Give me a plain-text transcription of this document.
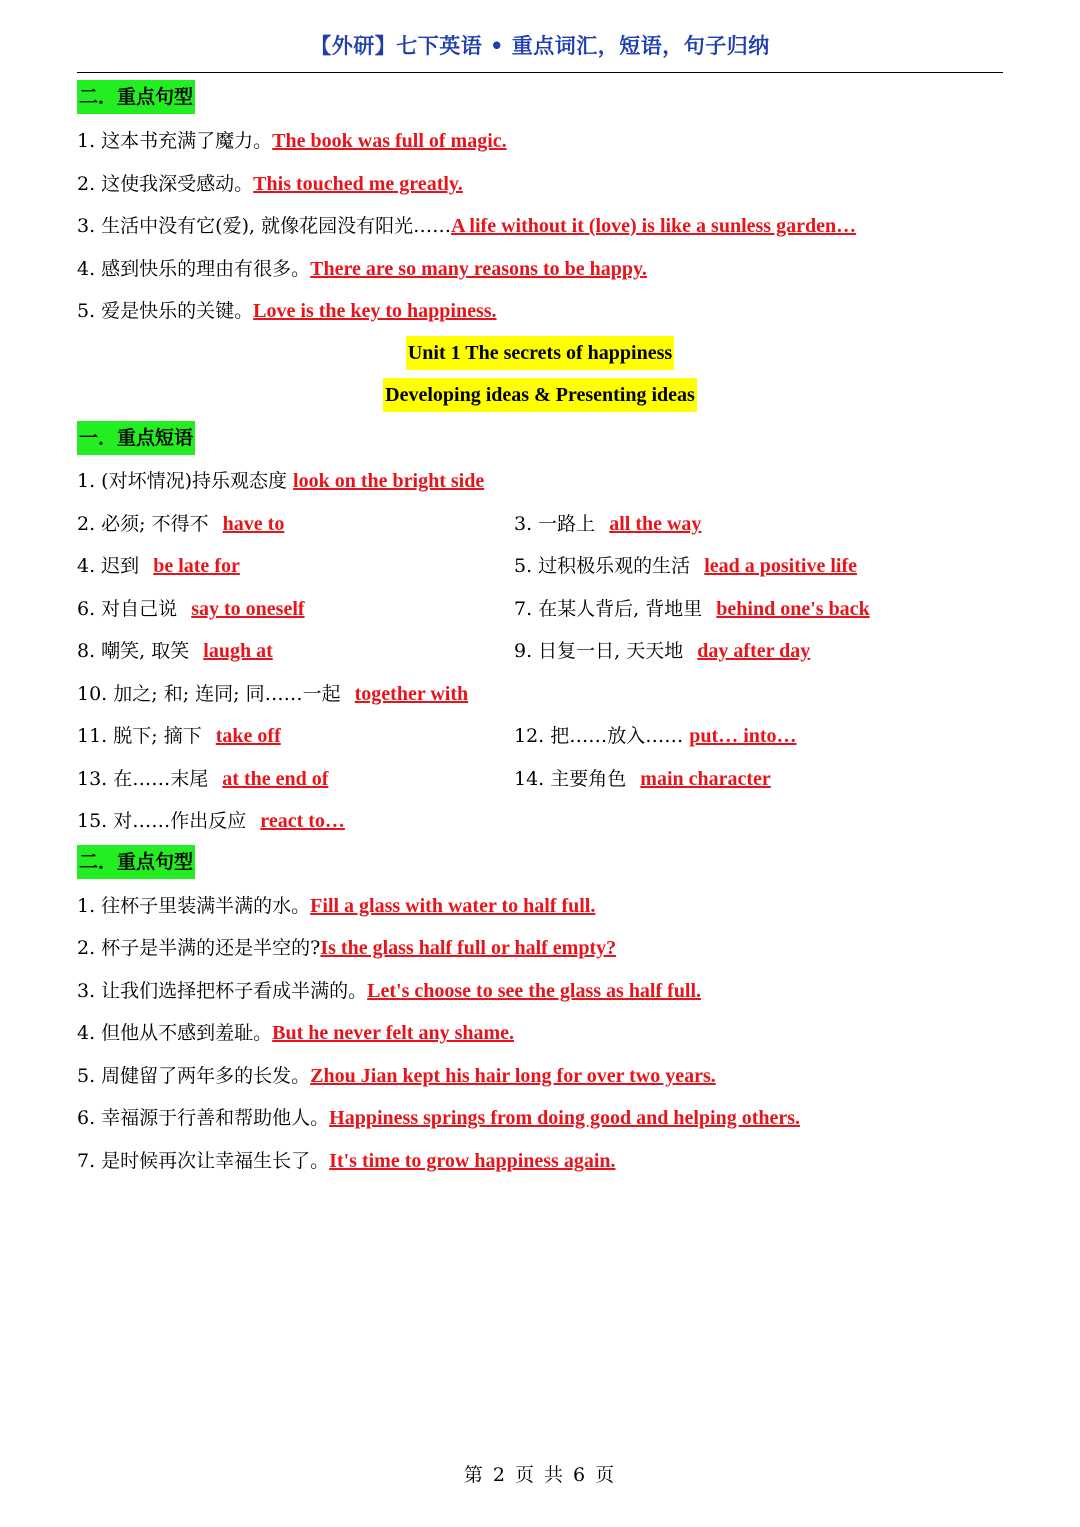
【外研】七下英语 • 重点词汇，短语，句子归纳
二．重点句型
1. 这本书充满了魔力。The book was full of magic.
2. 这使我深受感动。This touched me greatly.
3. 生活中没有它(爱), 就像花园没有阳光……A life without it (love) is like a sunless garden…
4. 感到快乐的理由有很多。There are so many reasons to be happy.
5. 爱是快乐的关键。Love is the key to happiness.
Unit 1 The secrets of happiness
Developing ideas & Presenting ideas
一．重点短语
1. (对坏情况)持乐观态度 look on the bright side
2. 必须; 不得不 have to	3. 一路上 all the way
4. 迟到 be late for	5. 过积极乐观的生活 lead a positive life
6. 对自己说 say to oneself	7. 在某人背后, 背地里 behind one's back
8. 嘲笑, 取笑 laugh at	9. 日复一日, 天天地 day after day
10. 加之; 和; 连同; 同……一起 together with
11. 脱下; 摘下 take off	12. 把……放入…… put… into…
13. 在……末尾 at the end of	14. 主要角色 main character
15. 对……作出反应 react to…
二．重点句型
1. 往杯子里装满半满的水。Fill a glass with water to half full.
2. 杯子是半满的还是半空的?Is the glass half full or half empty?
3. 让我们选择把杯子看成半满的。Let's choose to see the glass as half full.
4. 但他从不感到羞耻。But he never felt any shame.
5. 周健留了两年多的长发。Zhou Jian kept his hair long for over two years.
6. 幸福源于行善和帮助他人。Happiness springs from doing good and helping others.
7. 是时候再次让幸福生长了。It's time to grow happiness again.
第 2 页 共 6 页
